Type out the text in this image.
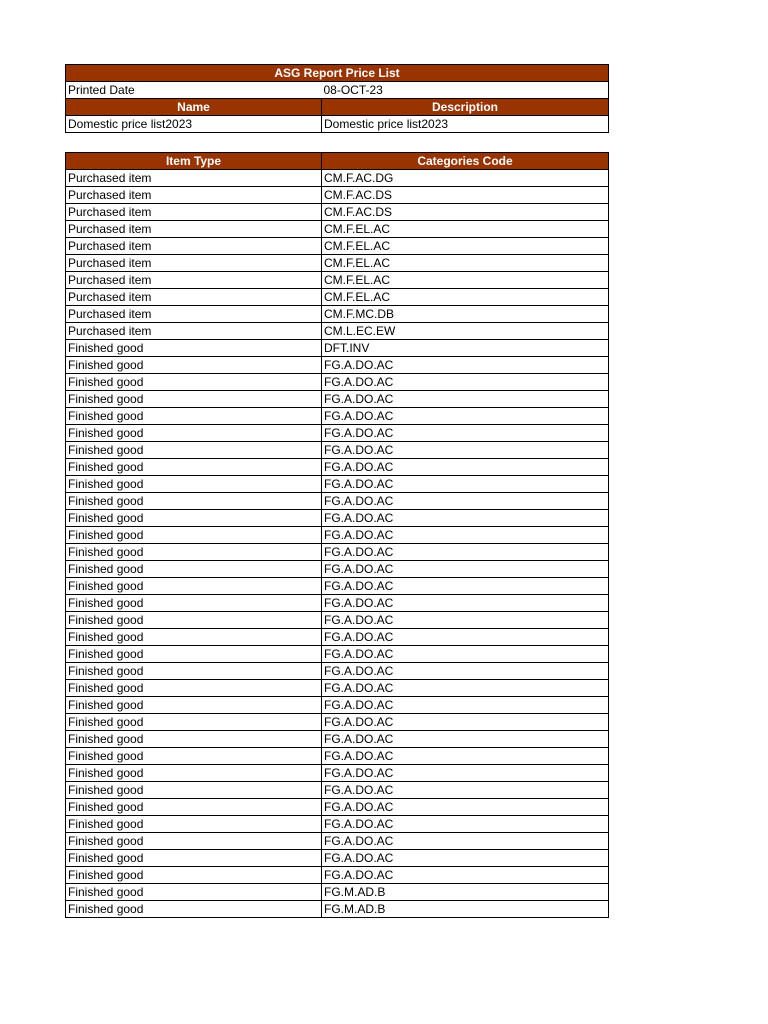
ASG Report Price List
Printed Date	08-OCT-23
Name	Description
Domestic price list2023	Domestic price list2023
Item Type	Categories Code
Purchased item	CM.F.AC.DG
Purchased item	CM.F.AC.DS
Purchased item	CM.F.AC.DS
Purchased item	CM.F.EL.AC
Purchased item	CM.F.EL.AC
Purchased item	CM.F.EL.AC
Purchased item	CM.F.EL.AC
Purchased item	CM.F.EL.AC
Purchased item	CM.F.MC.DB
Purchased item	CM.L.EC.EW
Finished good	DFT.INV
Finished good	FG.A.DO.AC
Finished good	FG.A.DO.AC
Finished good	FG.A.DO.AC
Finished good	FG.A.DO.AC
Finished good	FG.A.DO.AC
Finished good	FG.A.DO.AC
Finished good	FG.A.DO.AC
Finished good	FG.A.DO.AC
Finished good	FG.A.DO.AC
Finished good	FG.A.DO.AC
Finished good	FG.A.DO.AC
Finished good	FG.A.DO.AC
Finished good	FG.A.DO.AC
Finished good	FG.A.DO.AC
Finished good	FG.A.DO.AC
Finished good	FG.A.DO.AC
Finished good	FG.A.DO.AC
Finished good	FG.A.DO.AC
Finished good	FG.A.DO.AC
Finished good	FG.A.DO.AC
Finished good	FG.A.DO.AC
Finished good	FG.A.DO.AC
Finished good	FG.A.DO.AC
Finished good	FG.A.DO.AC
Finished good	FG.A.DO.AC
Finished good	FG.A.DO.AC
Finished good	FG.A.DO.AC
Finished good	FG.A.DO.AC
Finished good	FG.A.DO.AC
Finished good	FG.A.DO.AC
Finished good	FG.A.DO.AC
Finished good	FG.M.AD.B
Finished good	FG.M.AD.B
